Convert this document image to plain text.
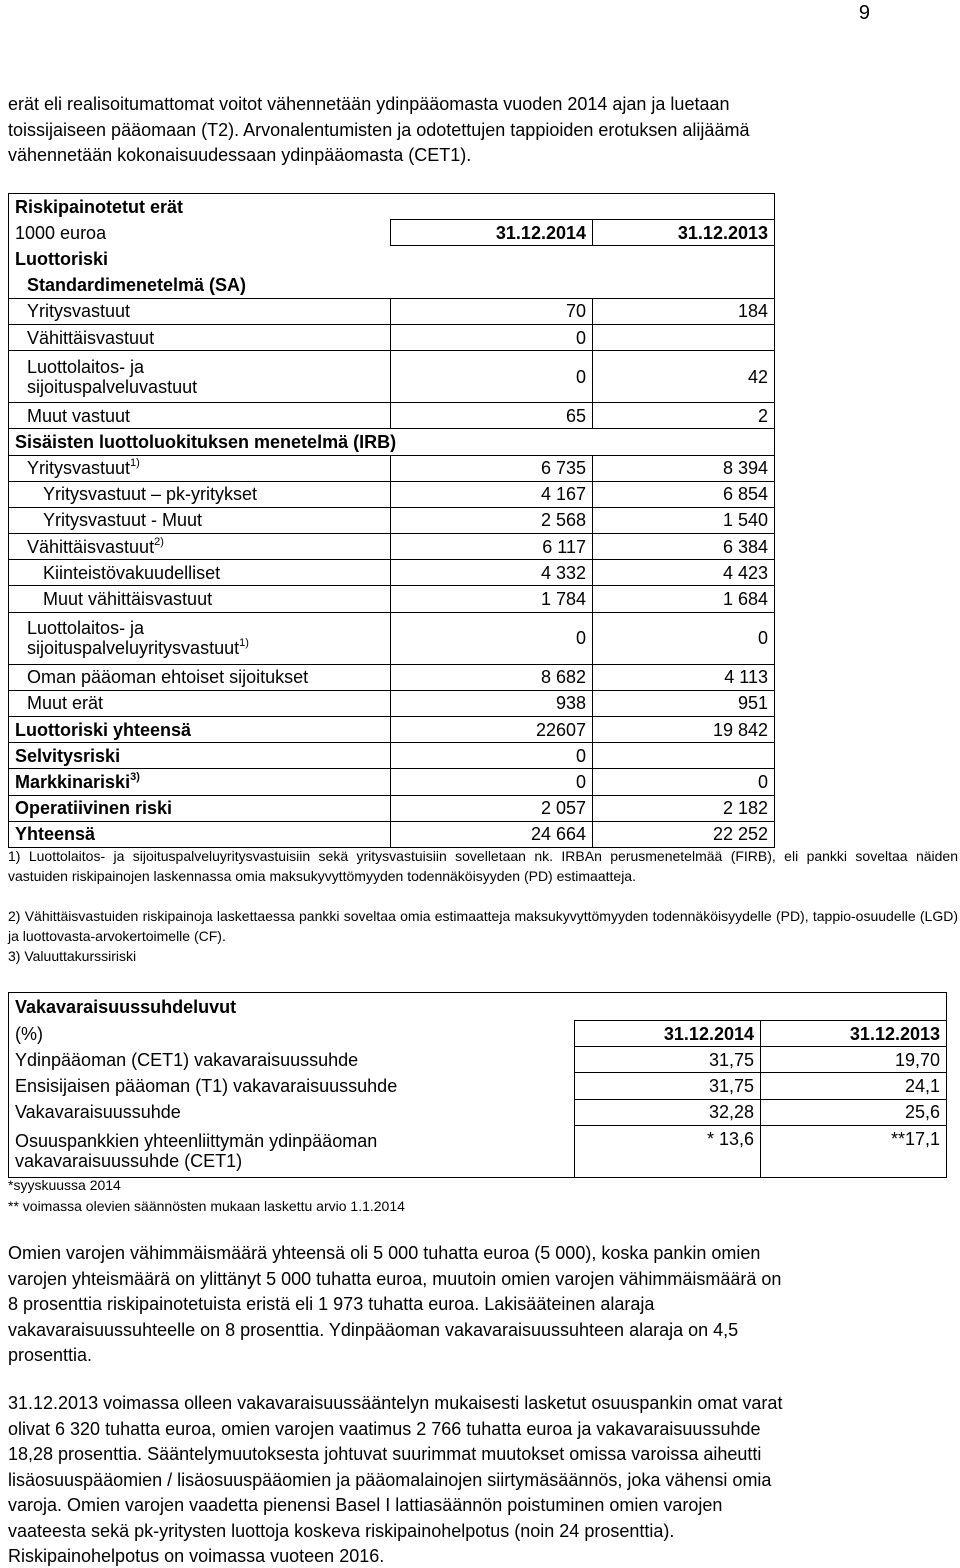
9
erät eli realisoitumattomat voitot vähennetään ydinpääomasta vuoden 2014 ajan ja luetaan
toissijaiseen pääomaan (T2). Arvonalentumisten ja odotettujen tappioiden erotuksen alijäämä
vähennetään kokonaisuudessaan ydinpääomasta (CET1).
Riskipainotetut erät		
1000 euroa	31.12.2014	31.12.2013
Luottoriski		
Standardimenetelmä (SA)		
Yritysvastuut	70	184
Vähittäisvastuut	0	

Luottolaitos- ja
sijoituspalveluvastuut	0	42
Muut vastuut	65	2
Sisäisten luottoluokituksen menetelmä (IRB)		
Yritysvastuut$^{1)}$	6 735	8 394
Yritysvastuut – pk-yritykset	4 167	6 854
Yritysvastuut - Muut	2 568	1 540
Vähittäisvastuut$^{2)}$	6 117	6 384
Kiinteistövakuudelliset	4 332	4 423
Muut vähittäisvastuut	1 784	1 684

Luottolaitos- ja
sijoituspalveluyritysvastuut$^{1)}$	0	0
Oman pääoman ehtoiset sijoitukset	8 682	4 113
Muut erät	938	951
Luottoriski yhteensä	22607	19 842
Selvitysriski	0	
Markkinariski$^{3)}$	0	0
Operatiivinen riski	2 057	2 182
Yhteensä	24 664	22 252
1) Luottolaitos- ja sijoituspalveluyritysvastuisiin sekä yritysvastuisiin sovelletaan nk. IRBAn perusmenetelmää (FIRB), eli pankki soveltaa näiden vastuiden riskipainojen laskennassa omia maksukyvyttömyyden todennäköisyyden (PD) estimaatteja.
2) Vähittäisvastuiden riskipainoja laskettaessa pankki soveltaa omia estimaatteja maksukyvyttömyyden todennäköisyydelle (PD), tappio-osuudelle (LGD) ja luottovasta-arvokertoimelle (CF).
3) Valuuttakurssiriski
Vakavaraisuussuhdeluvut		
(%)	31.12.2014	31.12.2013
Ydinpääoman (CET1) vakavaraisuussuhde	31,75	19,70
Ensisijaisen pääoman (T1) vakavaraisuussuhde	31,75	24,1
Vakavaraisuussuhde	32,28	25,6

Osuuspankkien yhteenliittymän ydinpääoman
vakavaraisuussuhde (CET1)	* 13,6	**17,1
*syyskuussa 2014
** voimassa olevien säännösten mukaan laskettu arvio 1.1.2014
Omien varojen vähimmäismäärä yhteensä oli 5 000 tuhatta euroa (5 000), koska pankin omien
varojen yhteismäärä on ylittänyt 5 000 tuhatta euroa, muutoin omien varojen vähimmäismäärä on
8 prosenttia riskipainotetuista eristä eli 1 973 tuhatta euroa. Lakisääteinen alaraja
vakavaraisuussuhteelle on 8 prosenttia. Ydinpääoman vakavaraisuussuhteen alaraja on 4,5
prosenttia.
31.12.2013 voimassa olleen vakavaraisuussääntelyn mukaisesti lasketut osuuspankin omat varat
olivat 6 320 tuhatta euroa, omien varojen vaatimus 2 766 tuhatta euroa ja vakavaraisuussuhde
18,28 prosenttia. Sääntelymuutoksesta johtuvat suurimmat muutokset omissa varoissa aiheutti
lisäosuuspääomien / lisäosuuspääomien ja pääomalainojen siirtymäsäännös, joka vähensi omia
varoja. Omien varojen vaadetta pienensi Basel I lattiasäännön poistuminen omien varojen
vaateesta sekä pk-yritysten luottoja koskeva riskipainohelpotus (noin 24 prosenttia).
Riskipainohelpotus on voimassa vuoteen 2016.
